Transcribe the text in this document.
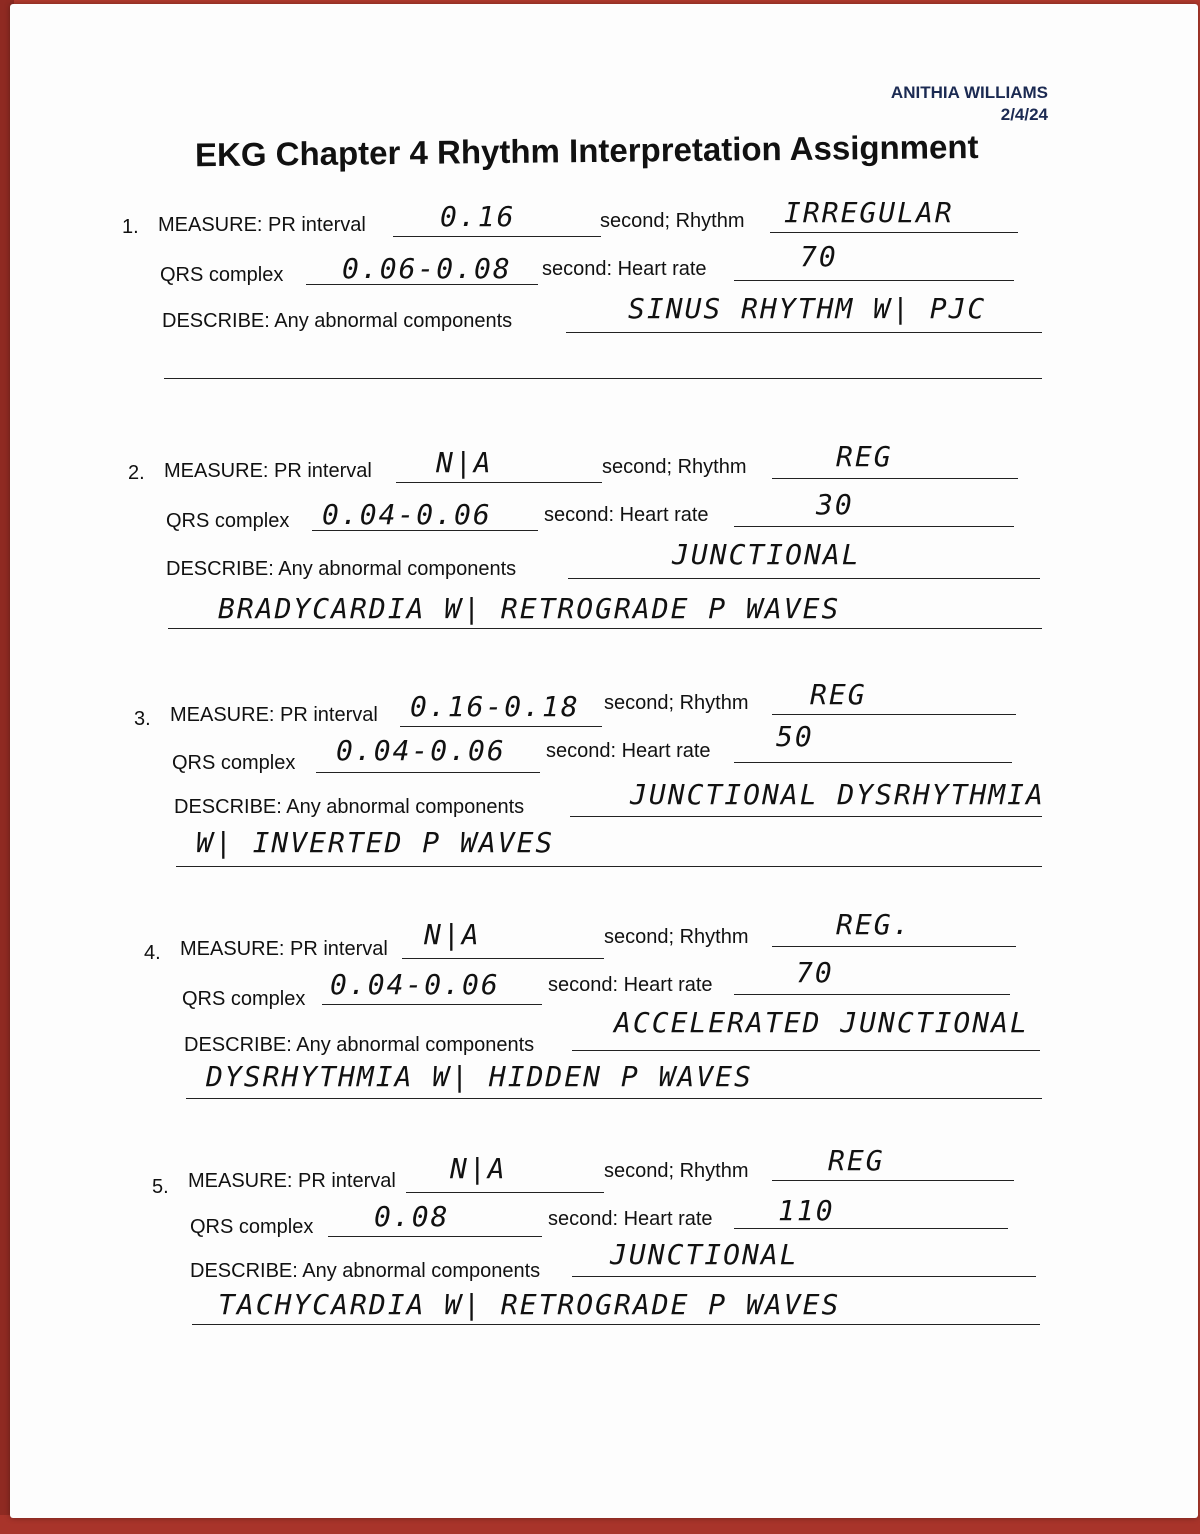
ANITHIA WILLIAMS
2/4/24
EKG Chapter 4 Rhythm Interpretation Assignment
1. MEASURE: PR interval	0.16	second; Rhythm IRREGULAR
QRS complex 0.06-0.08 second: Heart rate	70
DESCRIBE: Any abnormal components	SINUS RHYTHM W| PJC
2. MEASURE: PR interval N|A	second; Rhythm	REG
QRS complex 0.04-0.06	second: Heart rate	30
DESCRIBE: Any abnormal components	JUNCTIONAL
BRADYCARDIA W| RETROGRADE P WAVES
3. MEASURE: PR interval 0.16-0.18 second; Rhythm REG
QRS complex 0.04-0.06 second: Heart rate 50
DESCRIBE: Any abnormal components	JUNCTIONAL DYSRHYTHMIA
W| INVERTED P WAVES
4. MEASURE: PR interval N|A	second; Rhythm	REG.
QRS complex 0.04-0.06 second: Heart rate	70
DESCRIBE: Any abnormal components
ACCELERATED JUNCTIONAL
DYSRHYTHMIA W| HIDDEN P WAVES
5. MEASURE: PR interval N|A	second; Rhythm	REG
QRS complex 0.08	second: Heart rate 110
DESCRIBE: Any abnormal components JUNCTIONAL
TACHYCARDIA W| RETROGRADE P WAVES
